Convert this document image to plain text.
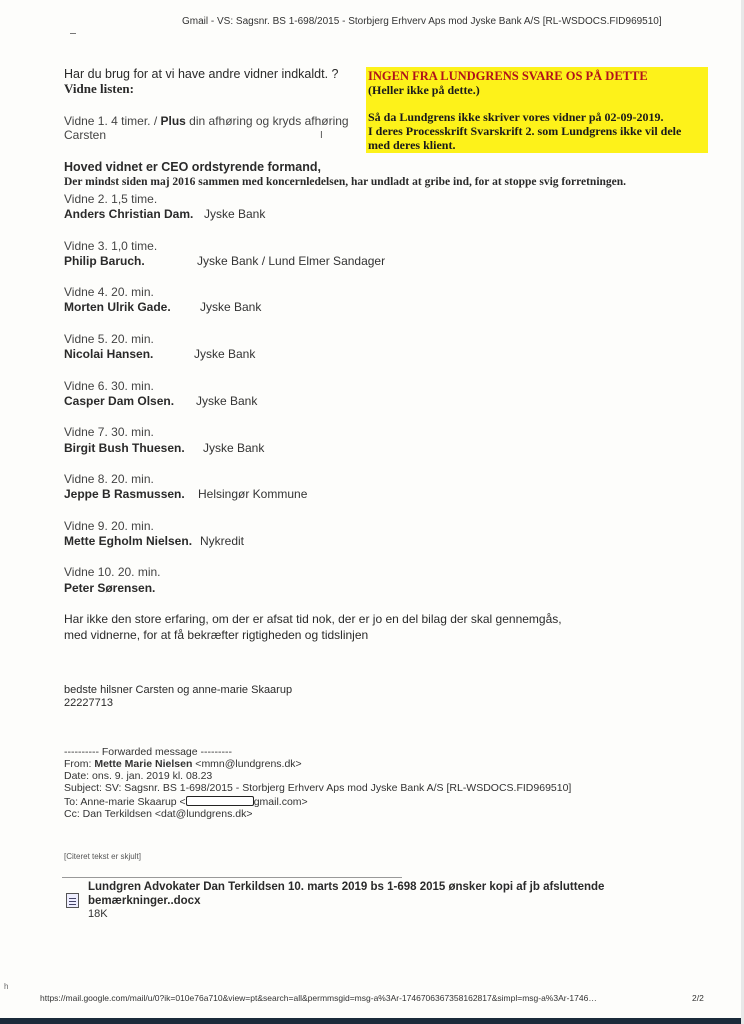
Gmail - VS: Sagsnr. BS 1-698/2015 - Storbjerg Erhverv Aps mod Jyske Bank A/S [RL-WSDOCS.FID969510]
Har du brug for at vi have andre vidner indkaldt. ?
Vidne listen:
INGEN FRA LUNDGRENS SVARE OS PÅ DETTE
(Heller ikke på dette.)
Så da Lundgrens ikke skriver vores vidner på 02-09-2019.
I deres Processkrift Svarskrift 2. som Lundgrens ikke vil dele
med deres klient.
Vidne 1. 4 timer. / Plus din afhøring og kryds afhøring
Carsten	I
Hoved vidnet er CEO ordstyrende formand,
Der mindst siden maj 2016 sammen med koncernledelsen, har undladt at gribe ind, for at stoppe svig forretningen.
Vidne 2. 1,5 time.
Anders Christian Dam. Jyske Bank
Vidne 3. 1,0 time.
Philip Baruch.	Jyske Bank / Lund Elmer Sandager
Vidne 4. 20. min.
Morten Ulrik Gade. Jyske Bank
Vidne 5. 20. min.
Nicolai Hansen.	Jyske Bank
Vidne 6. 30. min.
Casper Dam Olsen. Jyske Bank
Vidne 7. 30. min.
Birgit Bush Thuesen. Jyske Bank
Vidne 8. 20. min.
Jeppe B Rasmussen. Helsingør Kommune
Vidne 9. 20. min.
Mette Egholm Nielsen. Nykredit
Vidne 10. 20. min.
Peter Sørensen.
Har ikke den store erfaring, om der er afsat tid nok, der er jo en del bilag der skal gennemgås,
med vidnerne, for at få bekræfter rigtigheden og tidslinjen
bedste hilsner Carsten og anne-marie Skaarup
22227713
---------- Forwarded message ---------
From: Mette Marie Nielsen <mmn@lundgrens.dk>
Date: ons. 9. jan. 2019 kl. 08.23
Subject: SV: Sagsnr. BS 1-698/2015 - Storbjerg Erhverv Aps mod Jyske Bank A/S [RL-WSDOCS.FID969510]
To: Anne-marie Skaarup <	gmail.com>
Cc: Dan Terkildsen <dat@lundgrens.dk>
[Citeret tekst er skjult]
Lundgren Advokater Dan Terkildsen 10. marts 2019 bs 1-698 2015 ønsker kopi af jb afsluttende
bemærkninger..docx
18K
h
https://mail.google.com/mail/u/0?ik=010e76a710&view=pt&search=all&permmsgid=msg-a%3Ar-1746706367358162817&simpl=msg-a%3Ar-1746…	2/2
